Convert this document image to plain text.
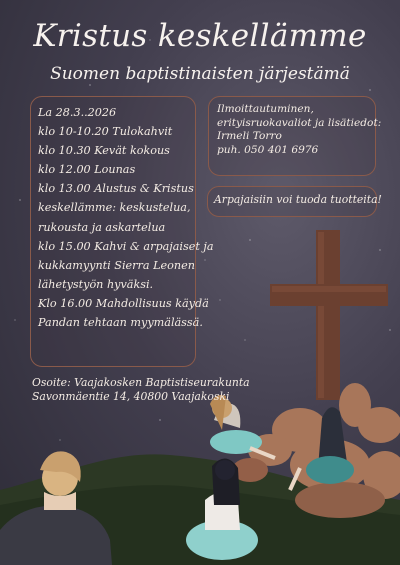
Kristus keskellämme
Suomen baptistinaisten järjestämä
La 28.3..2026
klo 10-10.20 Tulokahvit
klo 10.30 Kevät kokous
klo 12.00 Lounas
klo 13.00 Alustus & Kristus
keskellämme: keskustelua,
rukousta ja askartelua
klo 15.00 Kahvi & arpajaiset ja
kukkamyynti Sierra Leonen
lähetystyön hyväksi.
Klo 16.00 Mahdollisuus käydä
Pandan tehtaan myymälässä.
Ilmoittautuminen,
erityisruokavaliot ja lisätiedot:
Irmeli Torro
puh. 050 401 6976
Arpajaisiin voi tuoda tuotteita!
Osoite: Vaajakosken Baptistiseurakunta
Savonmäentie 14, 40800 Vaajakoski
